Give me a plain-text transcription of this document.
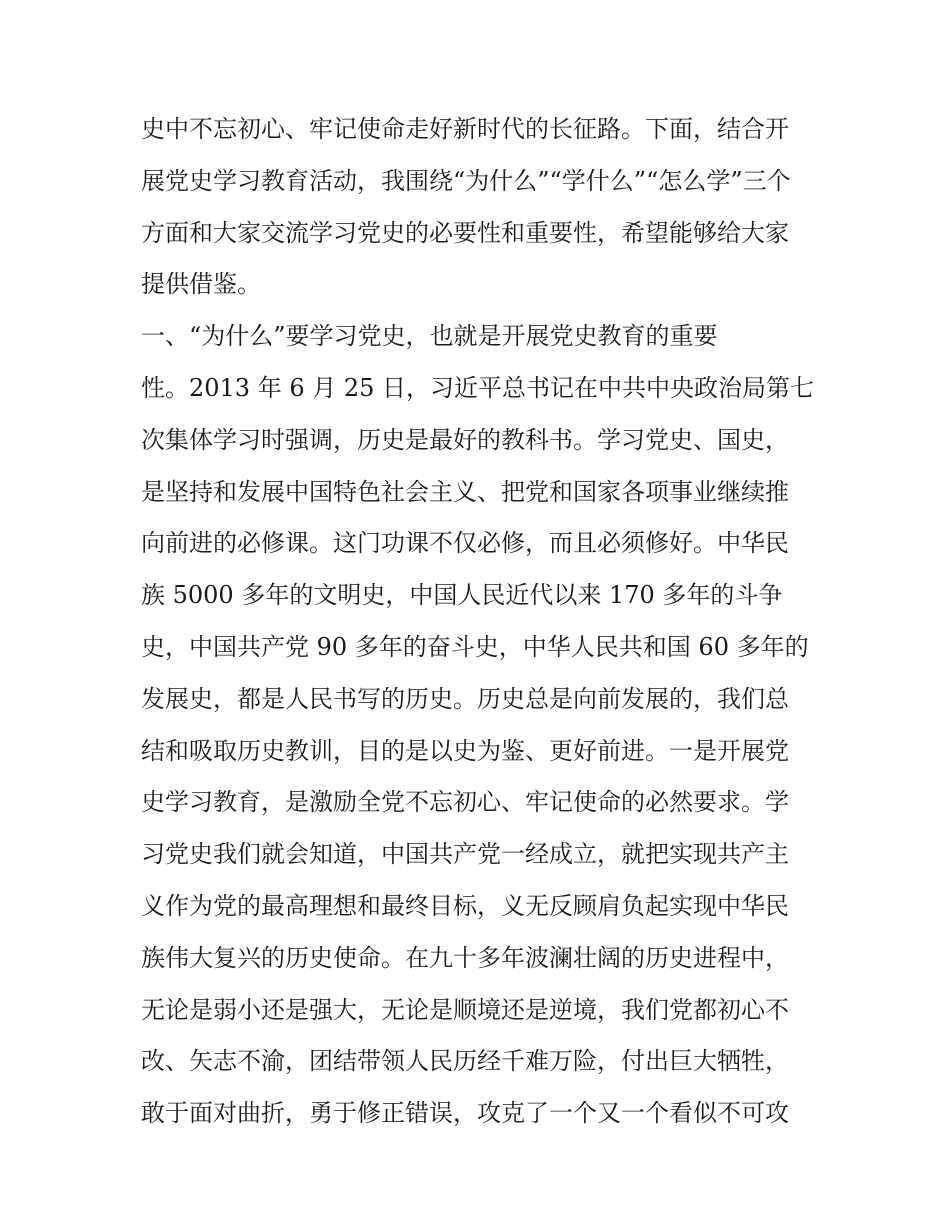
史中不忘初心、牢记使命走好新时代的长征路。下面，结合开
展党史学习教育活动，我围绕“为什么”“学什么”“怎么学”三个
方面和大家交流学习党史的必要性和重要性，希望能够给大家
提供借鉴。
一、“为什么”要学习党史，也就是开展党史教育的重要
性。2013 年 6 月 25 日，习近平总书记在中共中央政治局第七
次集体学习时强调，历史是最好的教科书。学习党史、国史，
是坚持和发展中国特色社会主义、把党和国家各项事业继续推
向前进的必修课。这门功课不仅必修，而且必须修好。中华民
族 5000 多年的文明史，中国人民近代以来 170 多年的斗争
史，中国共产党 90 多年的奋斗史，中华人民共和国 60 多年的
发展史，都是人民书写的历史。历史总是向前发展的，我们总
结和吸取历史教训，目的是以史为鉴、更好前进。一是开展党
史学习教育，是激励全党不忘初心、牢记使命的必然要求。学
习党史我们就会知道，中国共产党一经成立，就把实现共产主
义作为党的最高理想和最终目标，义无反顾肩负起实现中华民
族伟大复兴的历史使命。在九十多年波澜壮阔的历史进程中，
无论是弱小还是强大，无论是顺境还是逆境，我们党都初心不
改、矢志不渝，团结带领人民历经千难万险，付出巨大牺牲，
敢于面对曲折，勇于修正错误，攻克了一个又一个看似不可攻
